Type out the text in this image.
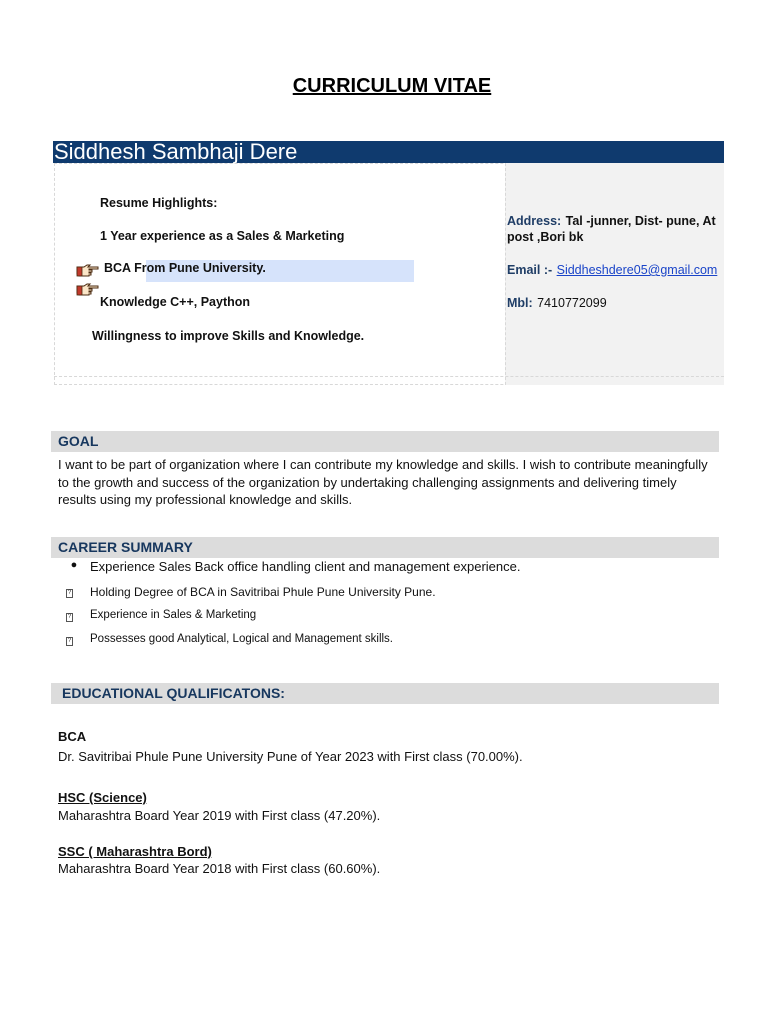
CURRICULUM VITAE
Siddhesh Sambhaji Dere
Resume Highlights:
1 Year experience as a Sales & Marketing
BCA From Pune University.
Knowledge C++, Paython
Willingness to improve Skills and Knowledge.
Address: Tal -junner, Dist- pune, At
post ,Bori bk
Email :- Siddheshdere05@gmail.com
Mbl: 7410772099
GOAL
I want to be part of organization where I can contribute my knowledge and skills. I wish to contribute meaningfully to the growth and success of the organization by undertaking challenging assignments and delivering timely results using my professional knowledge and skills.
CAREER SUMMARY
● Experience Sales Back office handling client and management experience.
? Holding Degree of BCA in Savitribai Phule Pune University Pune.
? Experience in Sales & Marketing
? Possesses good Analytical, Logical and Management skills.
EDUCATIONAL QUALIFICATONS:
BCA
Dr. Savitribai Phule Pune University Pune of Year 2023 with First class (70.00%).
HSC (Science)
Maharashtra Board Year 2019 with First class (47.20%).
SSC ( Maharashtra Bord)
Maharashtra Board Year 2018 with First class (60.60%).
